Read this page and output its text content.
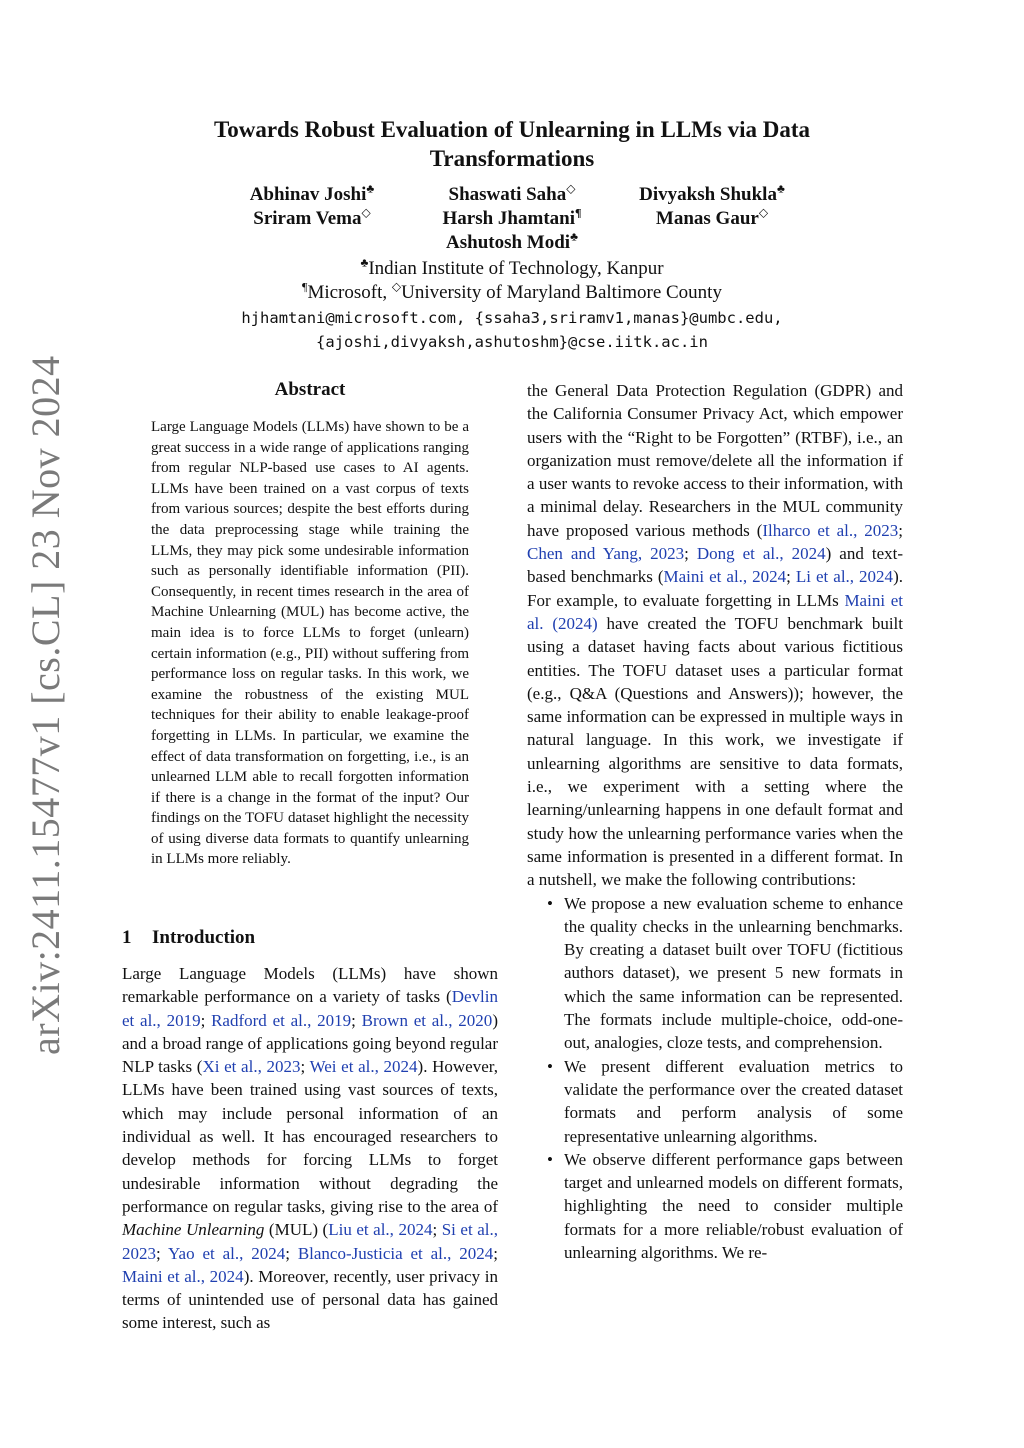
arXiv:2411.15477v1 [cs.CL] 23 Nov 2024
Towards Robust Evaluation of Unlearning in LLMs via Data Transformations
Abhinav Joshi♣	Shaswati Saha◇	Divyaksh Shukla♣
Sriram Vema◇	Harsh Jhamtani¶	Manas Gaur◇
Ashutosh Modi♣
♣Indian Institute of Technology, Kanpur
¶Microsoft, ◇University of Maryland Baltimore County
hjhamtani@microsoft.com, {ssaha3,sriramv1,manas}@umbc.edu,
{ajoshi,divyaksh,ashutoshm}@cse.iitk.ac.in
Abstract
Large Language Models (LLMs) have shown to be a great success in a wide range of applications ranging from regular NLP-based use cases to AI agents. LLMs have been trained on a vast corpus of texts from various sources; despite the best efforts during the data preprocessing stage while training the LLMs, they may pick some undesirable information such as personally identifiable information (PII). Consequently, in recent times research in the area of Machine Unlearning (MUL) has become active, the main idea is to force LLMs to forget (unlearn) certain information (e.g., PII) without suffering from performance loss on regular tasks. In this work, we examine the robustness of the existing MUL techniques for their ability to enable leakage-proof forgetting in LLMs. In particular, we examine the effect of data transformation on forgetting, i.e., is an unlearned LLM able to recall forgotten information if there is a change in the format of the input? Our findings on the TOFU dataset highlight the necessity of using diverse data formats to quantify unlearning in LLMs more reliably.
1 Introduction

Large Language Models (LLMs) have shown remarkable performance on a variety of tasks (Devlin et al., 2019; Radford et al., 2019; Brown et al., 2020) and a broad range of applications going beyond regular NLP tasks (Xi et al., 2023; Wei et al., 2024). However, LLMs have been trained using vast sources of texts, which may include personal information of an individual as well. It has encouraged researchers to develop methods for forcing LLMs to forget undesirable information without degrading the performance on regular tasks, giving rise to the area of Machine Unlearning (MUL) (Liu et al., 2024; Si et al., 2023; Yao et al., 2024; Blanco-Justicia et al., 2024; Maini et al., 2024). Moreover, recently, user privacy in terms of unintended use of personal data has gained some interest, such as

the General Data Protection Regulation (GDPR) and the California Consumer Privacy Act, which empower users with the “Right to be Forgotten” (RTBF), i.e., an organization must remove/delete all the information if a user wants to revoke access to their information, with a minimal delay. Researchers in the MUL community have proposed various methods (Ilharco et al., 2023; Chen and Yang, 2023; Dong et al., 2024) and text-based benchmarks (Maini et al., 2024; Li et al., 2024). For example, to evaluate forgetting in LLMs Maini et al. (2024) have created the TOFU benchmark built using a dataset having facts about various fictitious entities. The TOFU dataset uses a particular format (e.g., Q&A (Questions and Answers)); however, the same information can be expressed in multiple ways in natural language. In this work, we investigate if unlearning algorithms are sensitive to data formats, i.e., we experiment with a setting where the learning/unlearning happens in one default format and study how the unlearning performance varies when the same information is presented in a different format. In a nutshell, we make the following contributions:

• We propose a new evaluation scheme to enhance the quality checks in the unlearning benchmarks. By creating a dataset built over TOFU (fictitious authors dataset), we present 5 new formats in which the same information can be represented. The formats include multiple-choice, odd-one-out, analogies, cloze tests, and comprehension.
• We present different evaluation metrics to validate the performance over the created dataset formats and perform analysis of some representative unlearning algorithms.
• We observe different performance gaps between target and unlearned models on different formats, highlighting the need to consider multiple formats for a more reliable/robust evaluation of unlearning algorithms. We re-
